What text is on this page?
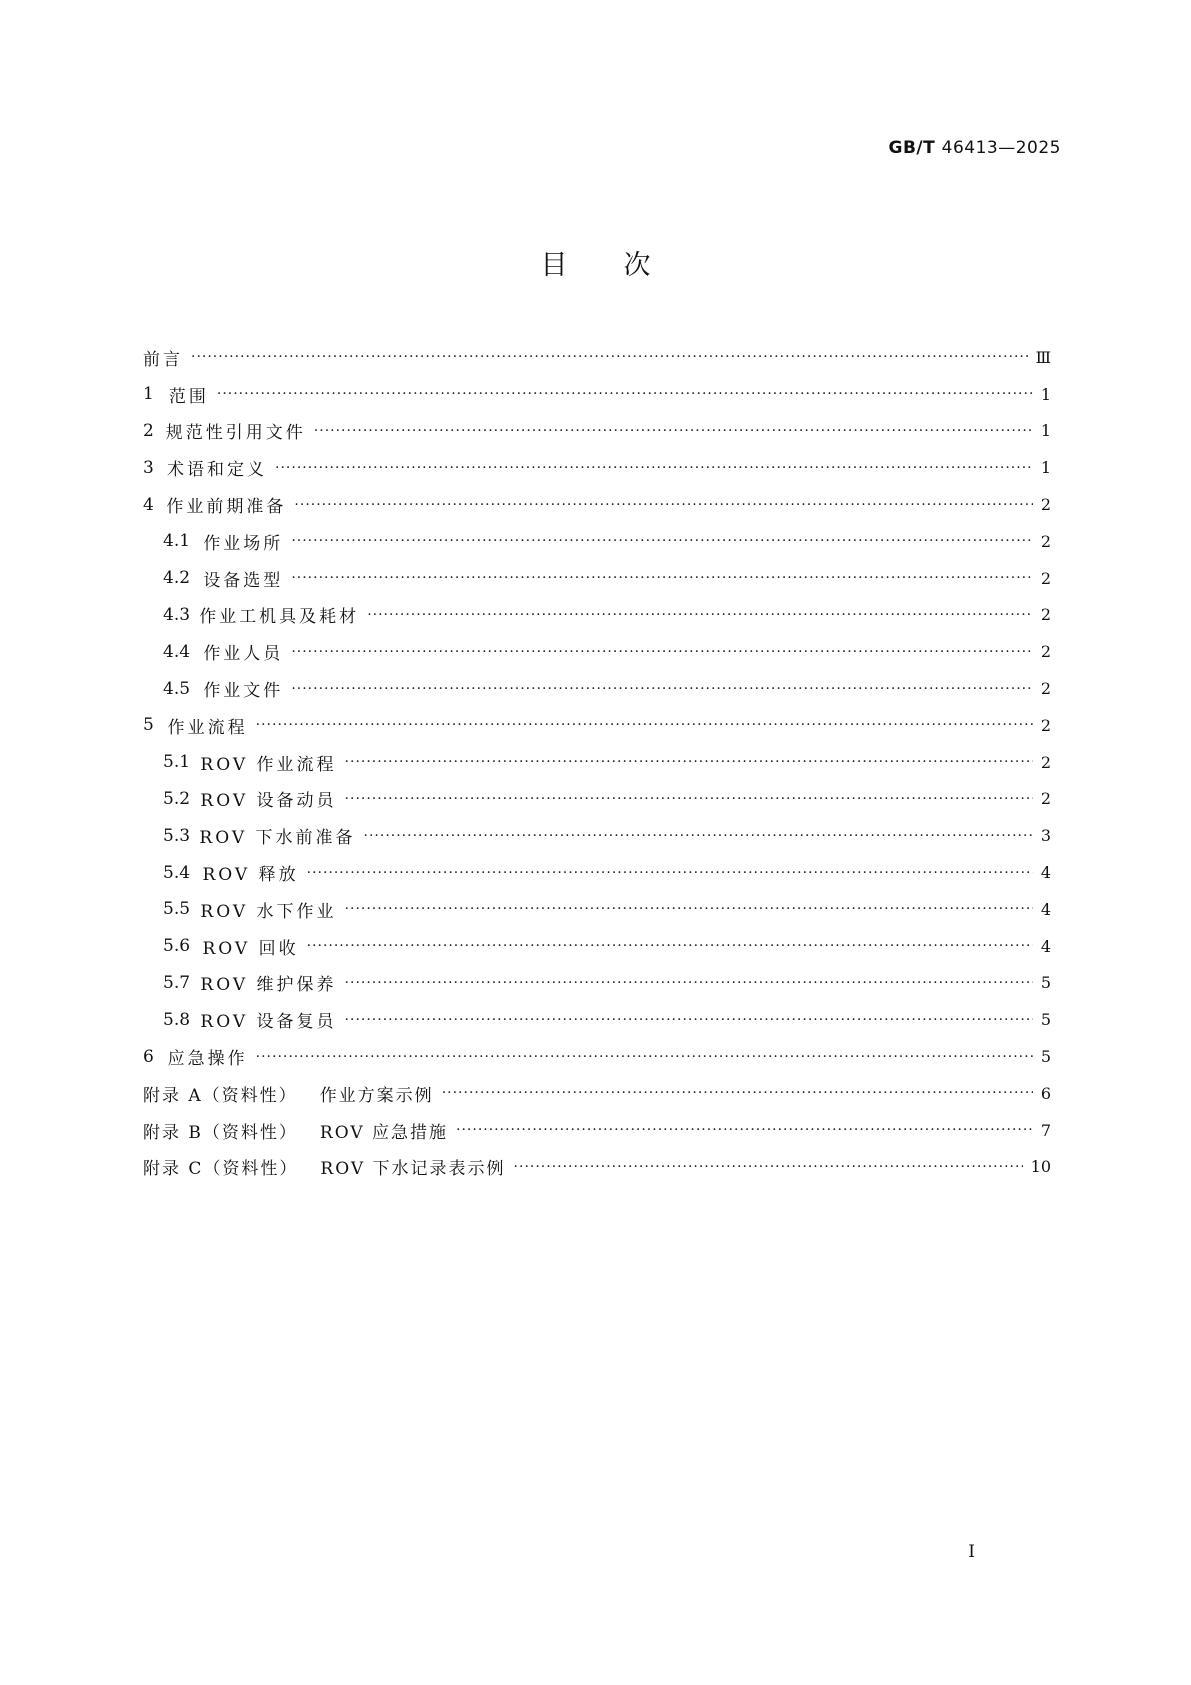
GB/T 46413—2025
目次
前言 ·····	Ⅲ
1 范围 ·····	1
2 规范性引用文件 ·····	1
3 术语和定义 ·····	1
4 作业前期准备 ·····	2
4.1 作业场所 ·····	2
4.2 设备选型 ·····	2
4.3 作业工机具及耗材 ·····	2
4.4 作业人员 ·····	2
4.5 作业文件 ·····	2
5 作业流程 ·····	2
5.1 ROV 作业流程 ·····	2
5.2 ROV 设备动员 ·····	2
5.3 ROV 下水前准备 ·····	3
5.4 ROV 释放 ·····	4
5.5 ROV 水下作业 ·····	4
5.6 ROV 回收 ·····	4
5.7 ROV 维护保养 ·····	5
5.8 ROV 设备复员 ·····	5
6 应急操作 ·····	5
附录 A（资料性） 作业方案示例 ·····	6
附录 B（资料性） ROV 应急措施 ·····	7
附录 C（资料性） ROV 下水记录表示例 ·····	10
I
